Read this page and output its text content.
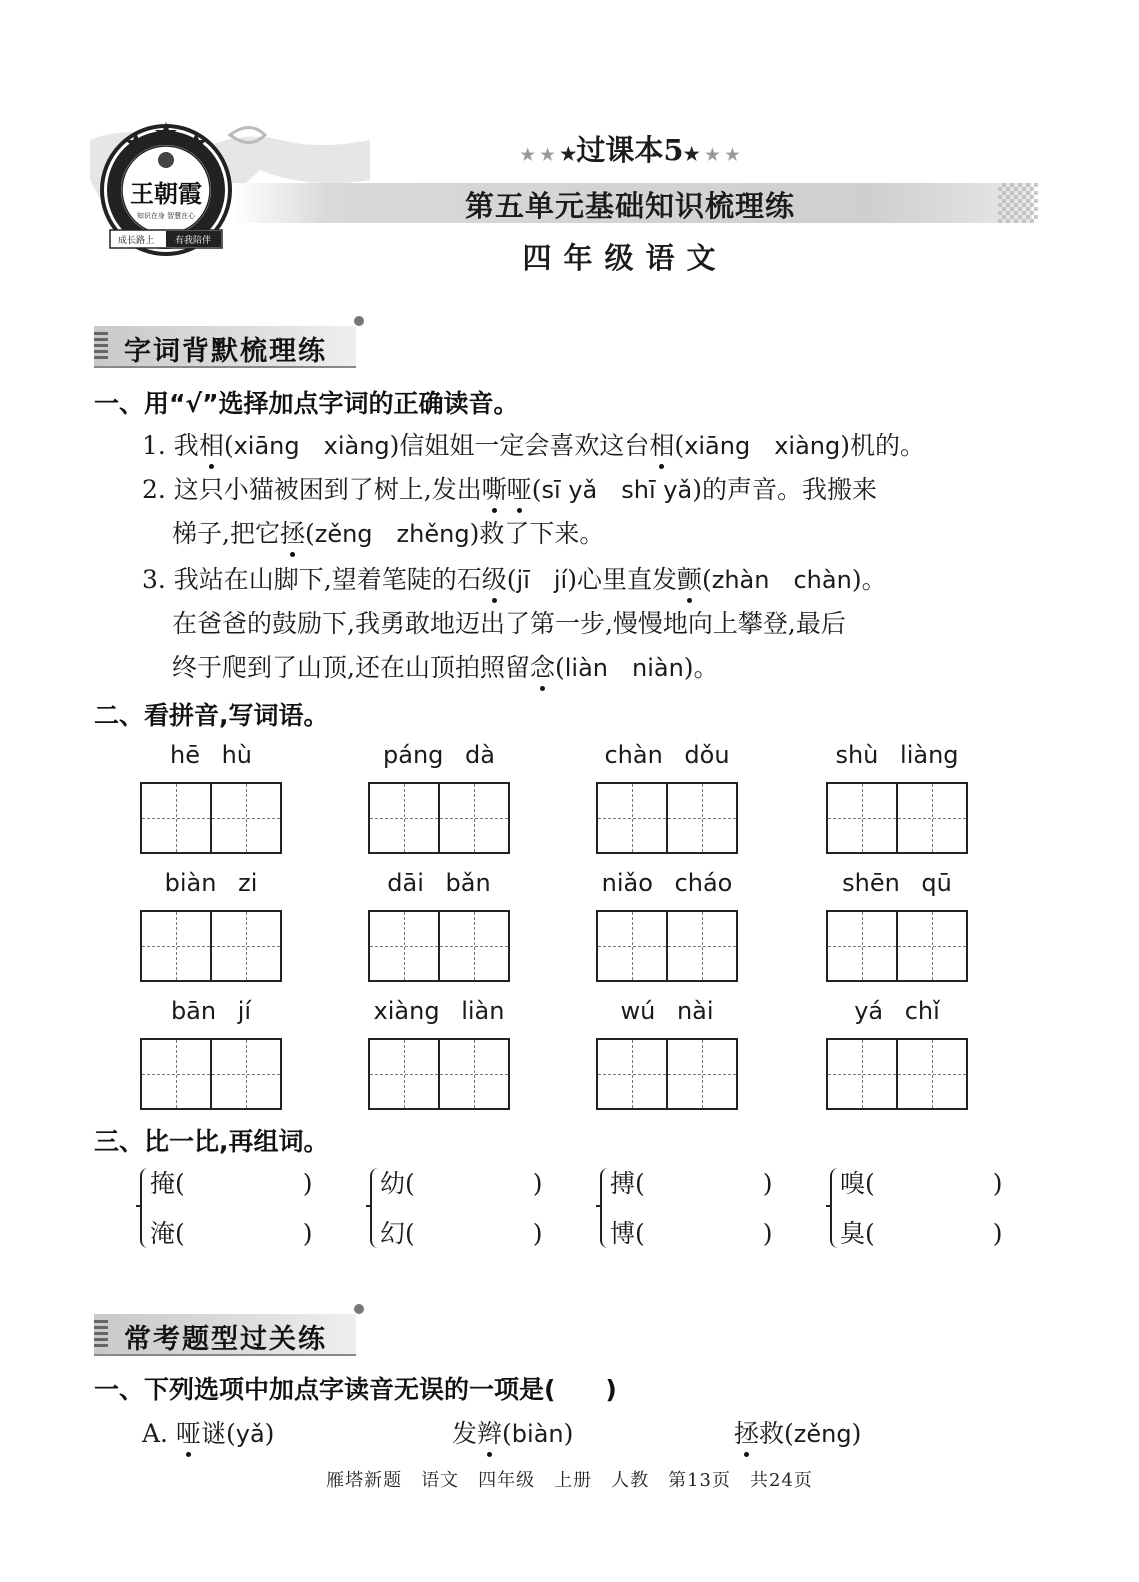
王朝霞
知识在身 智慧在心
成长路上 有我陪伴
★ ★ ★过课本5★ ★ ★
第五单元基础知识梳理练
四年级语文
字词背默梳理练
一、用“√”选择加点字词的正确读音。
1. 我相(xiāng　xiàng)信姐姐一定会喜欢这台相(xiāng　xiàng)机的。
2. 这只小猫被困到了树上,发出嘶哑(sī yǎ　shī yǎ)的声音。我搬来
梯子,把它拯(zěng　zhěng)救了下来。
3. 我站在山脚下,望着笔陡的石级(jī　jí)心里直发颤(zhàn　chàn)。
在爸爸的鼓励下,我勇敢地迈出了第一步,慢慢地向上攀登,最后
终于爬到了山顶,还在山顶拍照留念(liàn　niàn)。
二、看拼音,写词语。
hē hù	páng dà	chàn dǒu	shù liàng
biàn zi	dāi bǎn	niǎo cháo	shēn qū
bān jí	xiàng liàn	wú nài	yá chǐ
三、比一比,再组词。
掩(	)
淹(	)
幼(	)
幻(	)
搏(	)
博(	)
嗅(	)
臭(	)
常考题型过关练
一、下列选项中加点字读音无误的一项是(　　)
A. 哑谜(yǎ)	发辫(biàn)	拯救(zěng)
雁塔新题　语文　四年级　上册　人教　第13页　共24页
